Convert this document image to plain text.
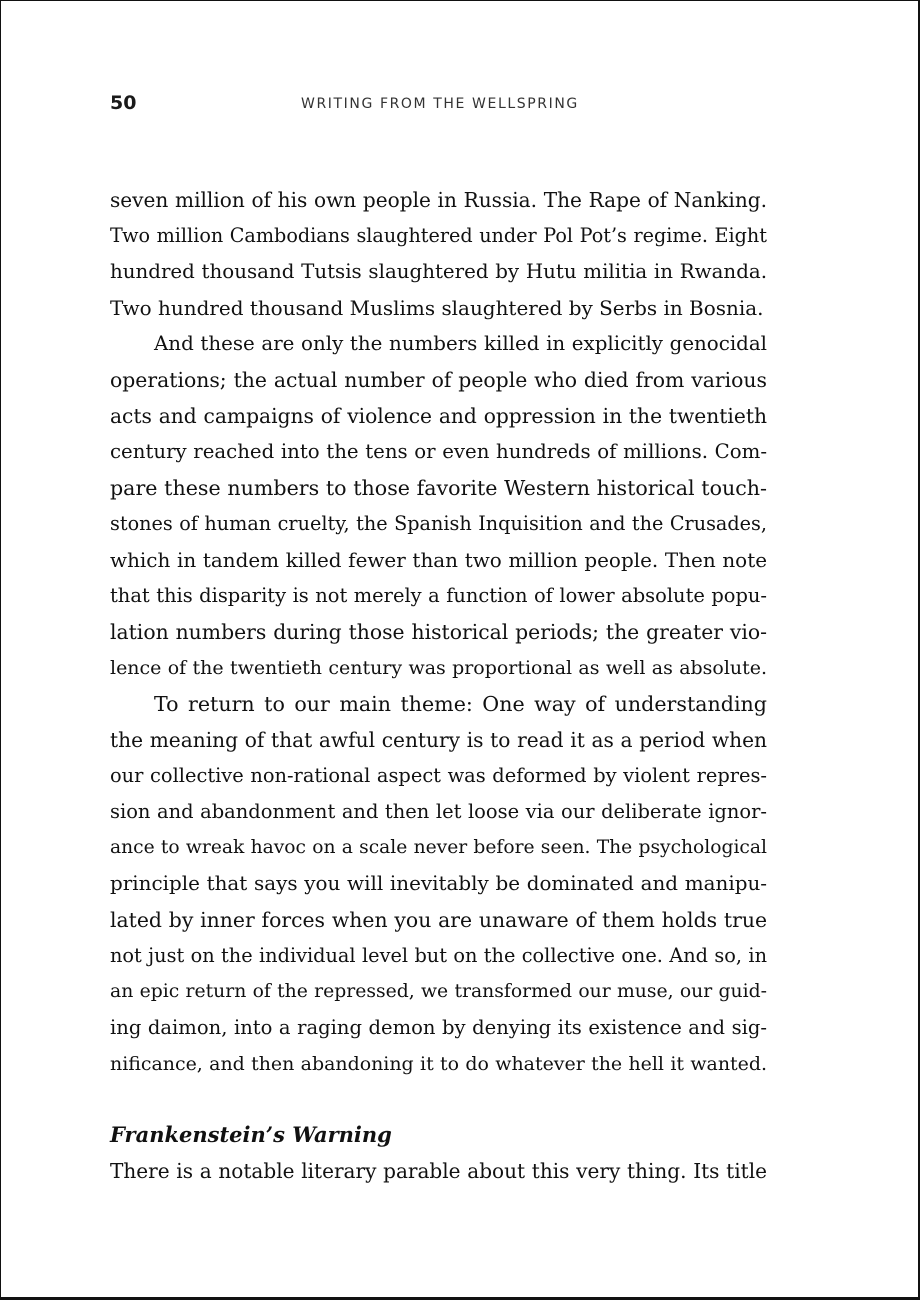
50	WRITING FROM THE WELLSPRING
seven million of his own people in Russia. The Rape of Nanking.
Two million Cambodians slaughtered under Pol Pot’s regime. Eight
hundred thousand Tutsis slaughtered by Hutu militia in Rwanda.
Two hundred thousand Muslims slaughtered by Serbs in Bosnia.
And these are only the numbers killed in explicitly genocidal
operations; the actual number of people who died from various
acts and campaigns of violence and oppression in the twentieth
century reached into the tens or even hundreds of millions. Com-
pare these numbers to those favorite Western historical touch-
stones of human cruelty, the Spanish Inquisition and the Crusades,
which in tandem killed fewer than two million people. Then note
that this disparity is not merely a function of lower absolute popu-
lation numbers during those historical periods; the greater vio-
lence of the twentieth century was proportional as well as absolute.
To return to our main theme: One way of understanding
the meaning of that awful century is to read it as a period when
our collective non-rational aspect was deformed by violent repres-
sion and abandonment and then let loose via our deliberate ignor-
ance to wreak havoc on a scale never before seen. The psychological
principle that says you will inevitably be dominated and manipu-
lated by inner forces when you are unaware of them holds true
not just on the individual level but on the collective one. And so, in
an epic return of the repressed, we transformed our muse, our guid-
ing daimon, into a raging demon by denying its existence and sig-
nificance, and then abandoning it to do whatever the hell it wanted.
Frankenstein’s Warning
There is a notable literary parable about this very thing. Its title
